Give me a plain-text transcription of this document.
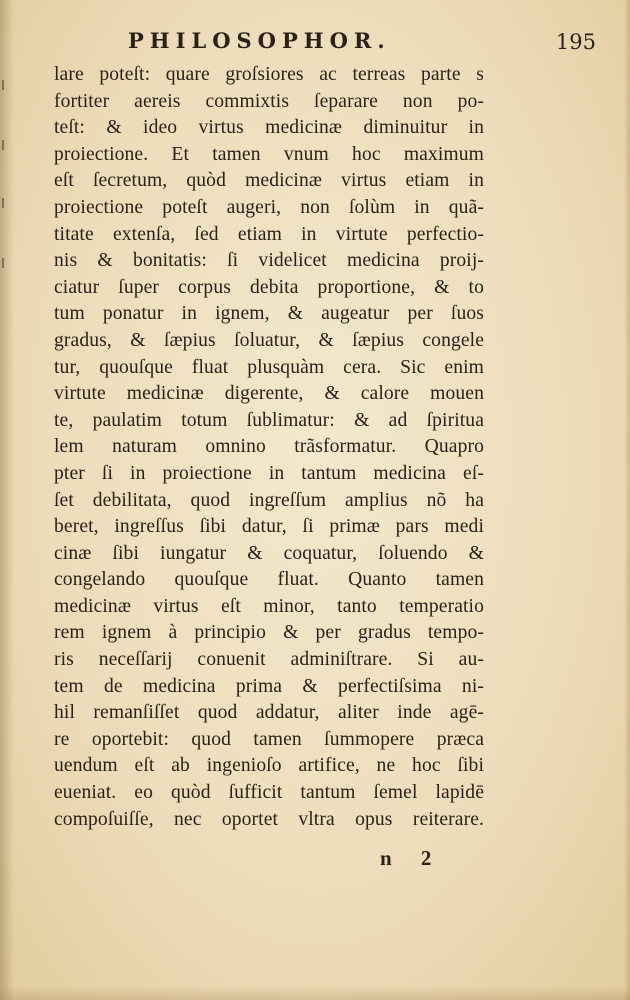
PHILOSOPHOR.	195
lare poteſt: quare groſsiores ac terreas parte s
fortiter aereis commixtis ſeparare non po-
teſt: & ideo virtus medicinæ diminuitur in
proiectione. Et tamen vnum hoc maximum
eſt ſecretum, quòd medicinæ virtus etiam in
proiectione poteſt augeri, non ſolùm in quã-
titate extenſa, ſed etiam in virtute perfectio-
nis & bonitatis: ſi videlicet medicina proij-
ciatur ſuper corpus debita proportione, & to
tum ponatur in ignem, & augeatur per ſuos
gradus, & ſæpius ſoluatur, & ſæpius congele
tur, quouſque fluat plusquàm cera. Sic enim
virtute medicinæ digerente, & calore mouen
te, paulatim totum ſublimatur: & ad ſpiritua
lem naturam omnino trãsformatur. Quapro
pter ſi in proiectione in tantum medicina eſ-
ſet debilitata, quod ingreſſum amplius nõ ha
beret, ingreſſus ſibi datur, ſi primæ pars medi
cinæ ſibi iungatur & coquatur, ſoluendo &
congelando quouſque fluat. Quanto tamen
medicinæ virtus eſt minor, tanto temperatio
rem ignem à principio & per gradus tempo-
ris neceſſarij conuenit adminiſtrare. Si au-
tem de medicina prima & perfectiſsima ni-
hil remanſiſſet quod addatur, aliter inde agē-
re oportebit: quod tamen ſummopere præca
uendum eſt ab ingenioſo artifice, ne hoc ſibi
eueniat. eo quòd ſufficit tantum ſemel lapidē
compoſuiſſe, nec oportet vltra opus reiterare.
n 2
